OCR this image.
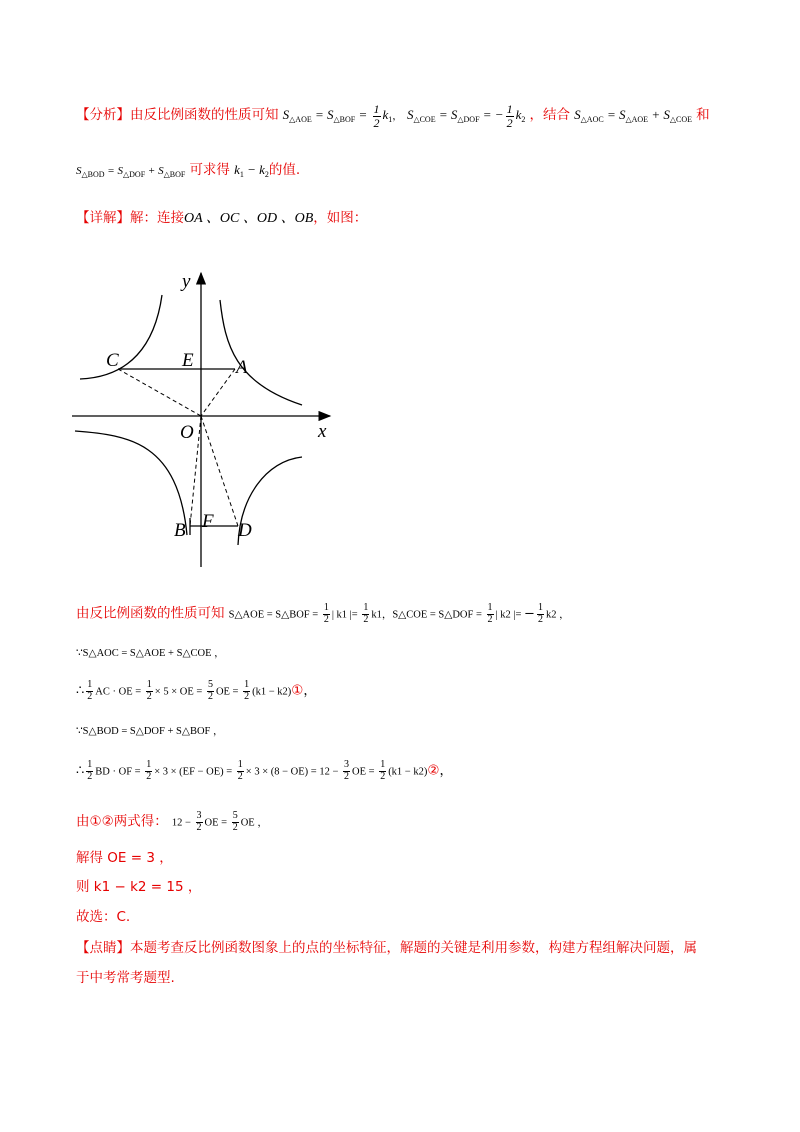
【分析】由反比例函数的性质可知 $S_{\triangle AOE} = S_{\triangle BOF} = \frac{1}{2} k_1$， $S_{\triangle COE} = S_{\triangle DOF}$ = − $\frac{1}{2} k_2$ ，结合 $S_{\triangle AOC} = S_{\triangle AOE} + S_{\triangle COE}$ 和
$S_{\triangle BOD} = S_{\triangle DOF} + S_{\triangle BOF}$ 可求得 $k_1 - k_2$的值.
【详解】解：连接OA 、OC 、OD 、OB，如图：
y
x
C	E A
O
B F D
由反比例函数的性质可知 S△AOE = S△BOF = $\frac{1}{2}$ | k1 |= $\frac{1}{2} k1$，S△COE = S△DOF = $\frac{1}{2}$ | k2 |= − $\frac{1}{2} k2$ ，
∵S△AOC = S△AOE + S△COE ，
∴ $\frac{1}{2}$ AC · OE = $\frac{1}{2} \times 5$ × OE = $\frac{5}{2}$ OE = $\frac{1}{2} (k1$ − k2)①，
∵S△BOD = S△DOF + S△BOF ，
∴ $\frac{1}{2}$ BD · OF = $\frac{1}{2} \times 3 \times (EF - OE) = \frac{1}{2} \times 3 \times (8 - OE) = 12 - \frac{3}{2}$ OE = $\frac{1}{2} (k1$ − k2)②，
由①②两式得： $12 - \frac{3}{2}$ OE = $\frac{5}{2}$ OE ，
解得 OE = 3 ，
则 k1 − k2 = 15 ，
故选：C.
【点睛】本题考查反比例函数图象上的点的坐标特征，解题的关键是利用参数，构建方程组解决问题，属
于中考常考题型.
